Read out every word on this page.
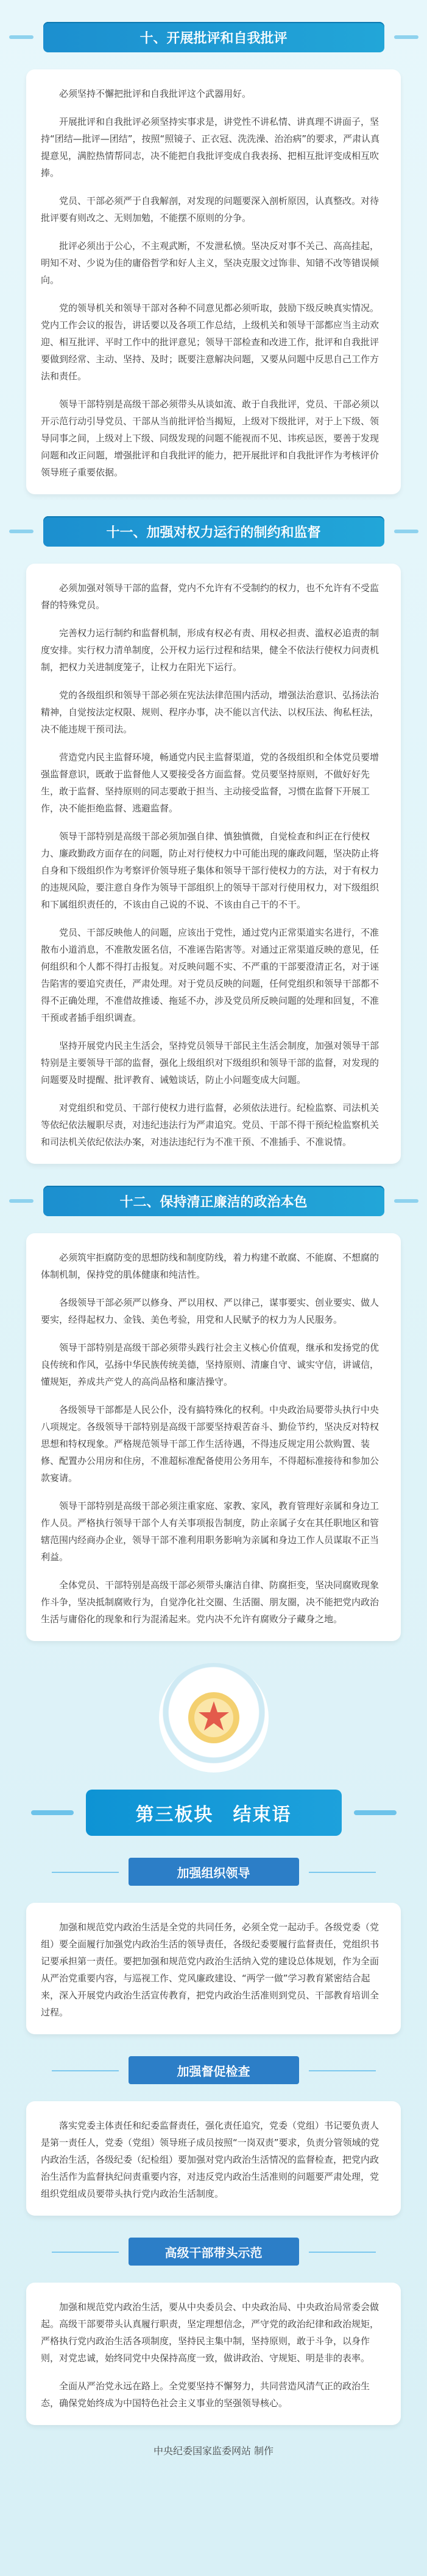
十、开展批评和自我批评

必须坚持不懈把批评和自我批评这个武器用好。

开展批评和自我批评必须坚持实事求是，讲党性不讲私情、讲真理不讲面子，坚持“团结—批评—团结”，按照“照镜子、正衣冠、洗洗澡、治治病”的要求，严肃认真提意见，满腔热情帮同志，决不能把自我批评变成自我表扬、把相互批评变成相互吹捧。

党员、干部必须严于自我解剖，对发现的问题要深入剖析原因，认真整改。对待批评要有则改之、无则加勉，不能摆不原则的分争。

批评必须出于公心，不主观武断，不发泄私愤。坚决反对事不关己、高高挂起，明知不对、少说为佳的庸俗哲学和好人主义，坚决克服文过饰非、知错不改等错误倾向。

党的领导机关和领导干部对各种不同意见都必须听取，鼓励下级反映真实情况。党内工作会议的报告，讲话要以及各项工作总结，上级机关和领导干部都应当主动欢迎、相互批评、平时工作中的批评意见；领导干部检查和改进工作，批评和自我批评要做到经常、主动、坚持、及时；既要注意解决问题，又要从问题中反思自己工作方法和责任。

领导干部特别是高级干部必须带头从谈如流、敢于自我批评，党员、干部必须以开示范行动引导党员、干部从当前批评恰当揭短，上级对下级批评，对于上下级、领导同事之间，上级对上下级、同级发现的问题不能视而不见、讳疾忌医，要善于发现问题和改正问题，增强批评和自我批评的能力，把开展批评和自我批评作为考核评价领导班子重要依据。

十一、加强对权力运行的制约和监督

必须加强对领导干部的监督，党内不允许有不受制约的权力，也不允许有不受监督的特殊党员。

完善权力运行制约和监督机制，形成有权必有责、用权必担责、滥权必追责的制度安排。实行权力清单制度，公开权力运行过程和结果，健全不依法行使权力问责机制，把权力关进制度笼子，让权力在阳光下运行。

党的各级组织和领导干部必须在宪法法律范围内活动，增强法治意识、弘扬法治精神，自觉按法定权限、规则、程序办事，决不能以言代法、以权压法、徇私枉法，决不能违规干预司法。

营造党内民主监督环境，畅通党内民主监督渠道，党的各级组织和全体党员要增强监督意识，既敢于监督他人又要接受各方面监督。党员要坚持原则，不做好好先生，敢于监督、坚持原则的同志要敢于担当、主动接受监督，习惯在监督下开展工作，决不能拒绝监督、逃避监督。

领导干部特别是高级干部必须加强自律、慎独慎微，自觉检查和纠正在行使权力、廉政勤政方面存在的问题，防止对行使权力中可能出现的廉政问题，坚决防止将自身和下级组织作为考察评价领导班子集体和领导干部行使权力的方法，对于有权力的违规风险，要注意自身作为领导干部组织上的领导干部对行使用权力，对下级组织和下属组织责任的，不该由自己说的不说、不该由自己干的不干。

党员、干部反映他人的问题，应该出于党性，通过党内正常渠道实名进行，不准散布小道消息，不准散发匿名信，不准诬告陷害等。对通过正常渠道反映的意见，任何组织和个人都不得打击报复。对反映问题不实、不严重的干部要澄清正名，对于诬告陷害的要追究责任，严肃处理。对于党员反映的问题，任何党组织和领导干部都不得不正确处理，不准借故推诿、拖延不办，涉及党员所反映问题的处理和回复，不准干预或者插手组织调查。

坚持开展党内民主生活会，坚持党员领导干部民主生活会制度，加强对领导干部特别是主要领导干部的监督，强化上级组织对下级组织和领导干部的监督，对发现的问题要及时提醒、批评教育、诫勉谈话，防止小问题变成大问题。

对党组织和党员、干部行使权力进行监督，必须依法进行。纪检监察、司法机关等依纪依法履职尽责，对违纪违法行为严肃追究。党员、干部不得干预纪检监察机关和司法机关依纪依法办案，对违法违纪行为不准干预、不准插手、不准说情。

十二、保持清正廉洁的政治本色

必须筑牢拒腐防变的思想防线和制度防线，着力构建不敢腐、不能腐、不想腐的体制机制，保持党的肌体健康和纯洁性。

各级领导干部必须严以修身、严以用权、严以律己，谋事要实、创业要实、做人要实，经得起权力、金钱、美色考验，用党和人民赋予的权力为人民服务。

领导干部特别是高级干部必须带头践行社会主义核心价值观，继承和发扬党的优良传统和作风，弘扬中华民族传统美德，坚持原则、清廉自守、诚实守信，讲诚信，懂规矩，养成共产党人的高尚品格和廉洁操守。

各级领导干部都是人民公仆，没有搞特殊化的权利。中央政治局要带头执行中央八项规定。各级领导干部特别是高级干部要坚持艰苦奋斗、勤俭节约，坚决反对特权思想和特权现象。严格规范领导干部工作生活待遇，不得违反规定用公款购置、装修、配置办公用房和住房，不准超标准配备使用公务用车，不得超标准接待和参加公款宴请。

领导干部特别是高级干部必须注重家庭、家教、家风，教育管理好亲属和身边工作人员。严格执行领导干部个人有关事项报告制度，防止亲属子女在其任职地区和管辖范围内经商办企业，领导干部不准利用职务影响为亲属和身边工作人员谋取不正当利益。

全体党员、干部特别是高级干部必须带头廉洁自律、防腐拒变，坚决同腐败现象作斗争，坚决抵制腐败行为，自觉净化社交圈、生活圈、朋友圈，决不能把党内政治生活与庸俗化的现象和行为混淆起来。党内决不允许有腐败分子藏身之地。

第三板块　结束语
加强组织领导

加强和规范党内政治生活是全党的共同任务，必须全党一起动手。各级党委（党组）要全面履行加强党内政治生活的领导责任，各级纪委要履行监督责任，党组织书记要承担第一责任。要把加强和规范党内政治生活纳入党的建设总体规划，作为全面从严治党重要内容，与巡视工作、党风廉政建设、“两学一做”学习教育紧密结合起来，深入开展党内政治生活宣传教育，把党内政治生活准则到党员、干部教育培训全过程。

加强督促检查

落实党委主体责任和纪委监督责任，强化责任追究，党委（党组）书记要负责人是第一责任人，党委（党组）领导班子成员按照“一岗双责”要求，负责分管领域的党内政治生活，各级纪委（纪检组）要加强对党内政治生活情况的监督检查，把党内政治生活作为监督执纪问责重要内容，对违反党内政治生活准则的问题要严肃处理，党组织党组成员要带头执行党内政治生活制度。

高级干部带头示范

加强和规范党内政治生活，要从中央委员会、中央政治局、中央政治局常委会做起。高级干部要带头认真履行职责，坚定理想信念，严守党的政治纪律和政治规矩，严格执行党内政治生活各项制度，坚持民主集中制，坚持原则，敢于斗争，以身作则，对党忠诚，始终同党中央保持高度一致，做讲政治、守规矩、明是非的表率。

全面从严治党永远在路上。全党要坚持不懈努力，共同营造风清气正的政治生态，确保党始终成为中国特色社会主义事业的坚强领导核心。

中央纪委国家监委网站 制作
